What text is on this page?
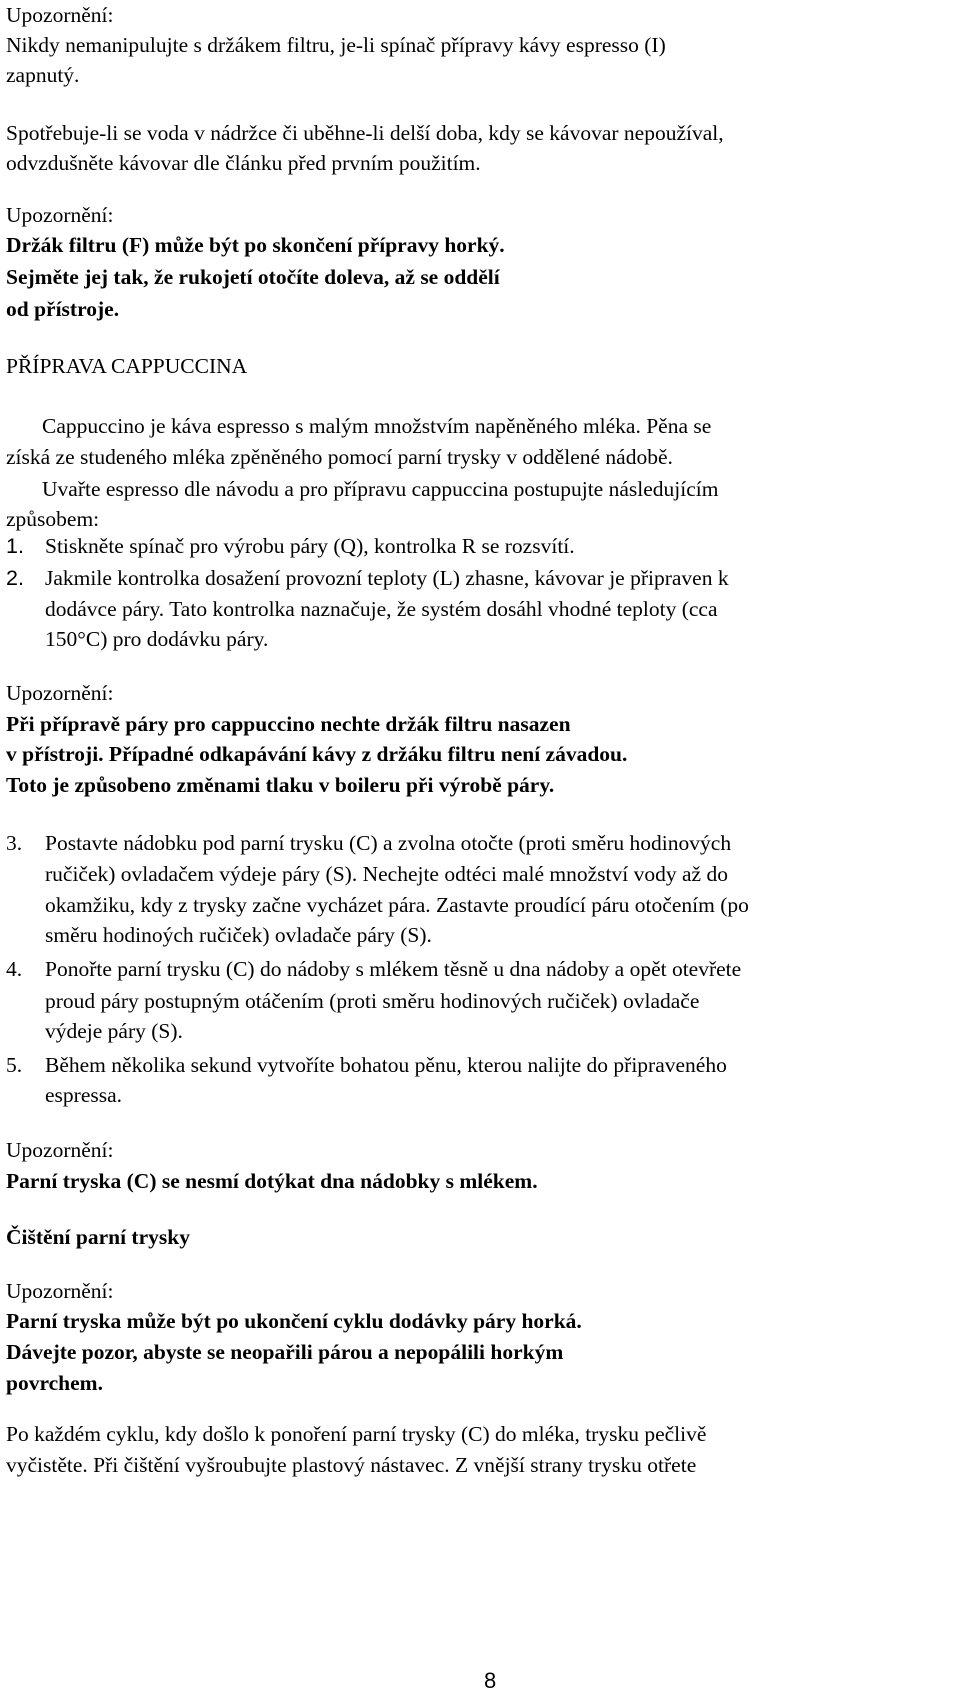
Upozornění:
Nikdy nemanipulujte s držákem filtru, je-li spínač přípravy kávy espresso (I)
zapnutý.
Spotřebuje-li se voda v nádržce či uběhne-li delší doba, kdy se kávovar nepoužíval,
odvzdušněte kávovar dle článku před prvním použitím.
Upozornění:
Držák filtru (F) může být po skončení přípravy horký.
Sejměte jej tak, že rukojetí otočíte doleva, až se oddělí
od přístroje.
PŘÍPRAVA CAPPUCCINA
Cappuccino je káva espresso s malým množstvím napěněného mléka. Pěna se
získá ze studeného mléka zpěněného pomocí parní trysky v oddělené nádobě.
Uvařte espresso dle návodu a pro přípravu cappuccina postupujte následujícím
způsobem:
1. Stiskněte spínač pro výrobu páry (Q), kontrolka R se rozsvítí.
2. Jakmile kontrolka dosažení provozní teploty (L) zhasne, kávovar je připraven k
dodávce páry. Tato kontrolka naznačuje, že systém dosáhl vhodné teploty (cca
150°C) pro dodávku páry.
Upozornění:
Při přípravě páry pro cappuccino nechte držák filtru nasazen
v přístroji. Případné odkapávání kávy z držáku filtru není závadou.
Toto je způsobeno změnami tlaku v boileru při výrobě páry.
3. Postavte nádobku pod parní trysku (C) a zvolna otočte (proti směru hodinových
ručiček) ovladačem výdeje páry (S). Nechejte odtéci malé množství vody až do
okamžiku, kdy z trysky začne vycházet pára. Zastavte proudící páru otočením (po
směru hodinoých ručiček) ovladače páry (S).
4. Ponořte parní trysku (C) do nádoby s mlékem těsně u dna nádoby a opět otevřete
proud páry postupným otáčením (proti směru hodinových ručiček) ovladače
výdeje páry (S).
5. Během několika sekund vytvoříte bohatou pěnu, kterou nalijte do připraveného
espressa.
Upozornění:
Parní tryska (C) se nesmí dotýkat dna nádobky s mlékem.
Čištění parní trysky
Upozornění:
Parní tryska může být po ukončení cyklu dodávky páry horká.
Dávejte pozor, abyste se neopařili párou a nepopálili horkým
povrchem.
Po každém cyklu, kdy došlo k ponoření parní trysky (C) do mléka, trysku pečlivě
vyčistěte. Při čištění vyšroubujte plastový nástavec. Z vnější strany trysku otřete
8
